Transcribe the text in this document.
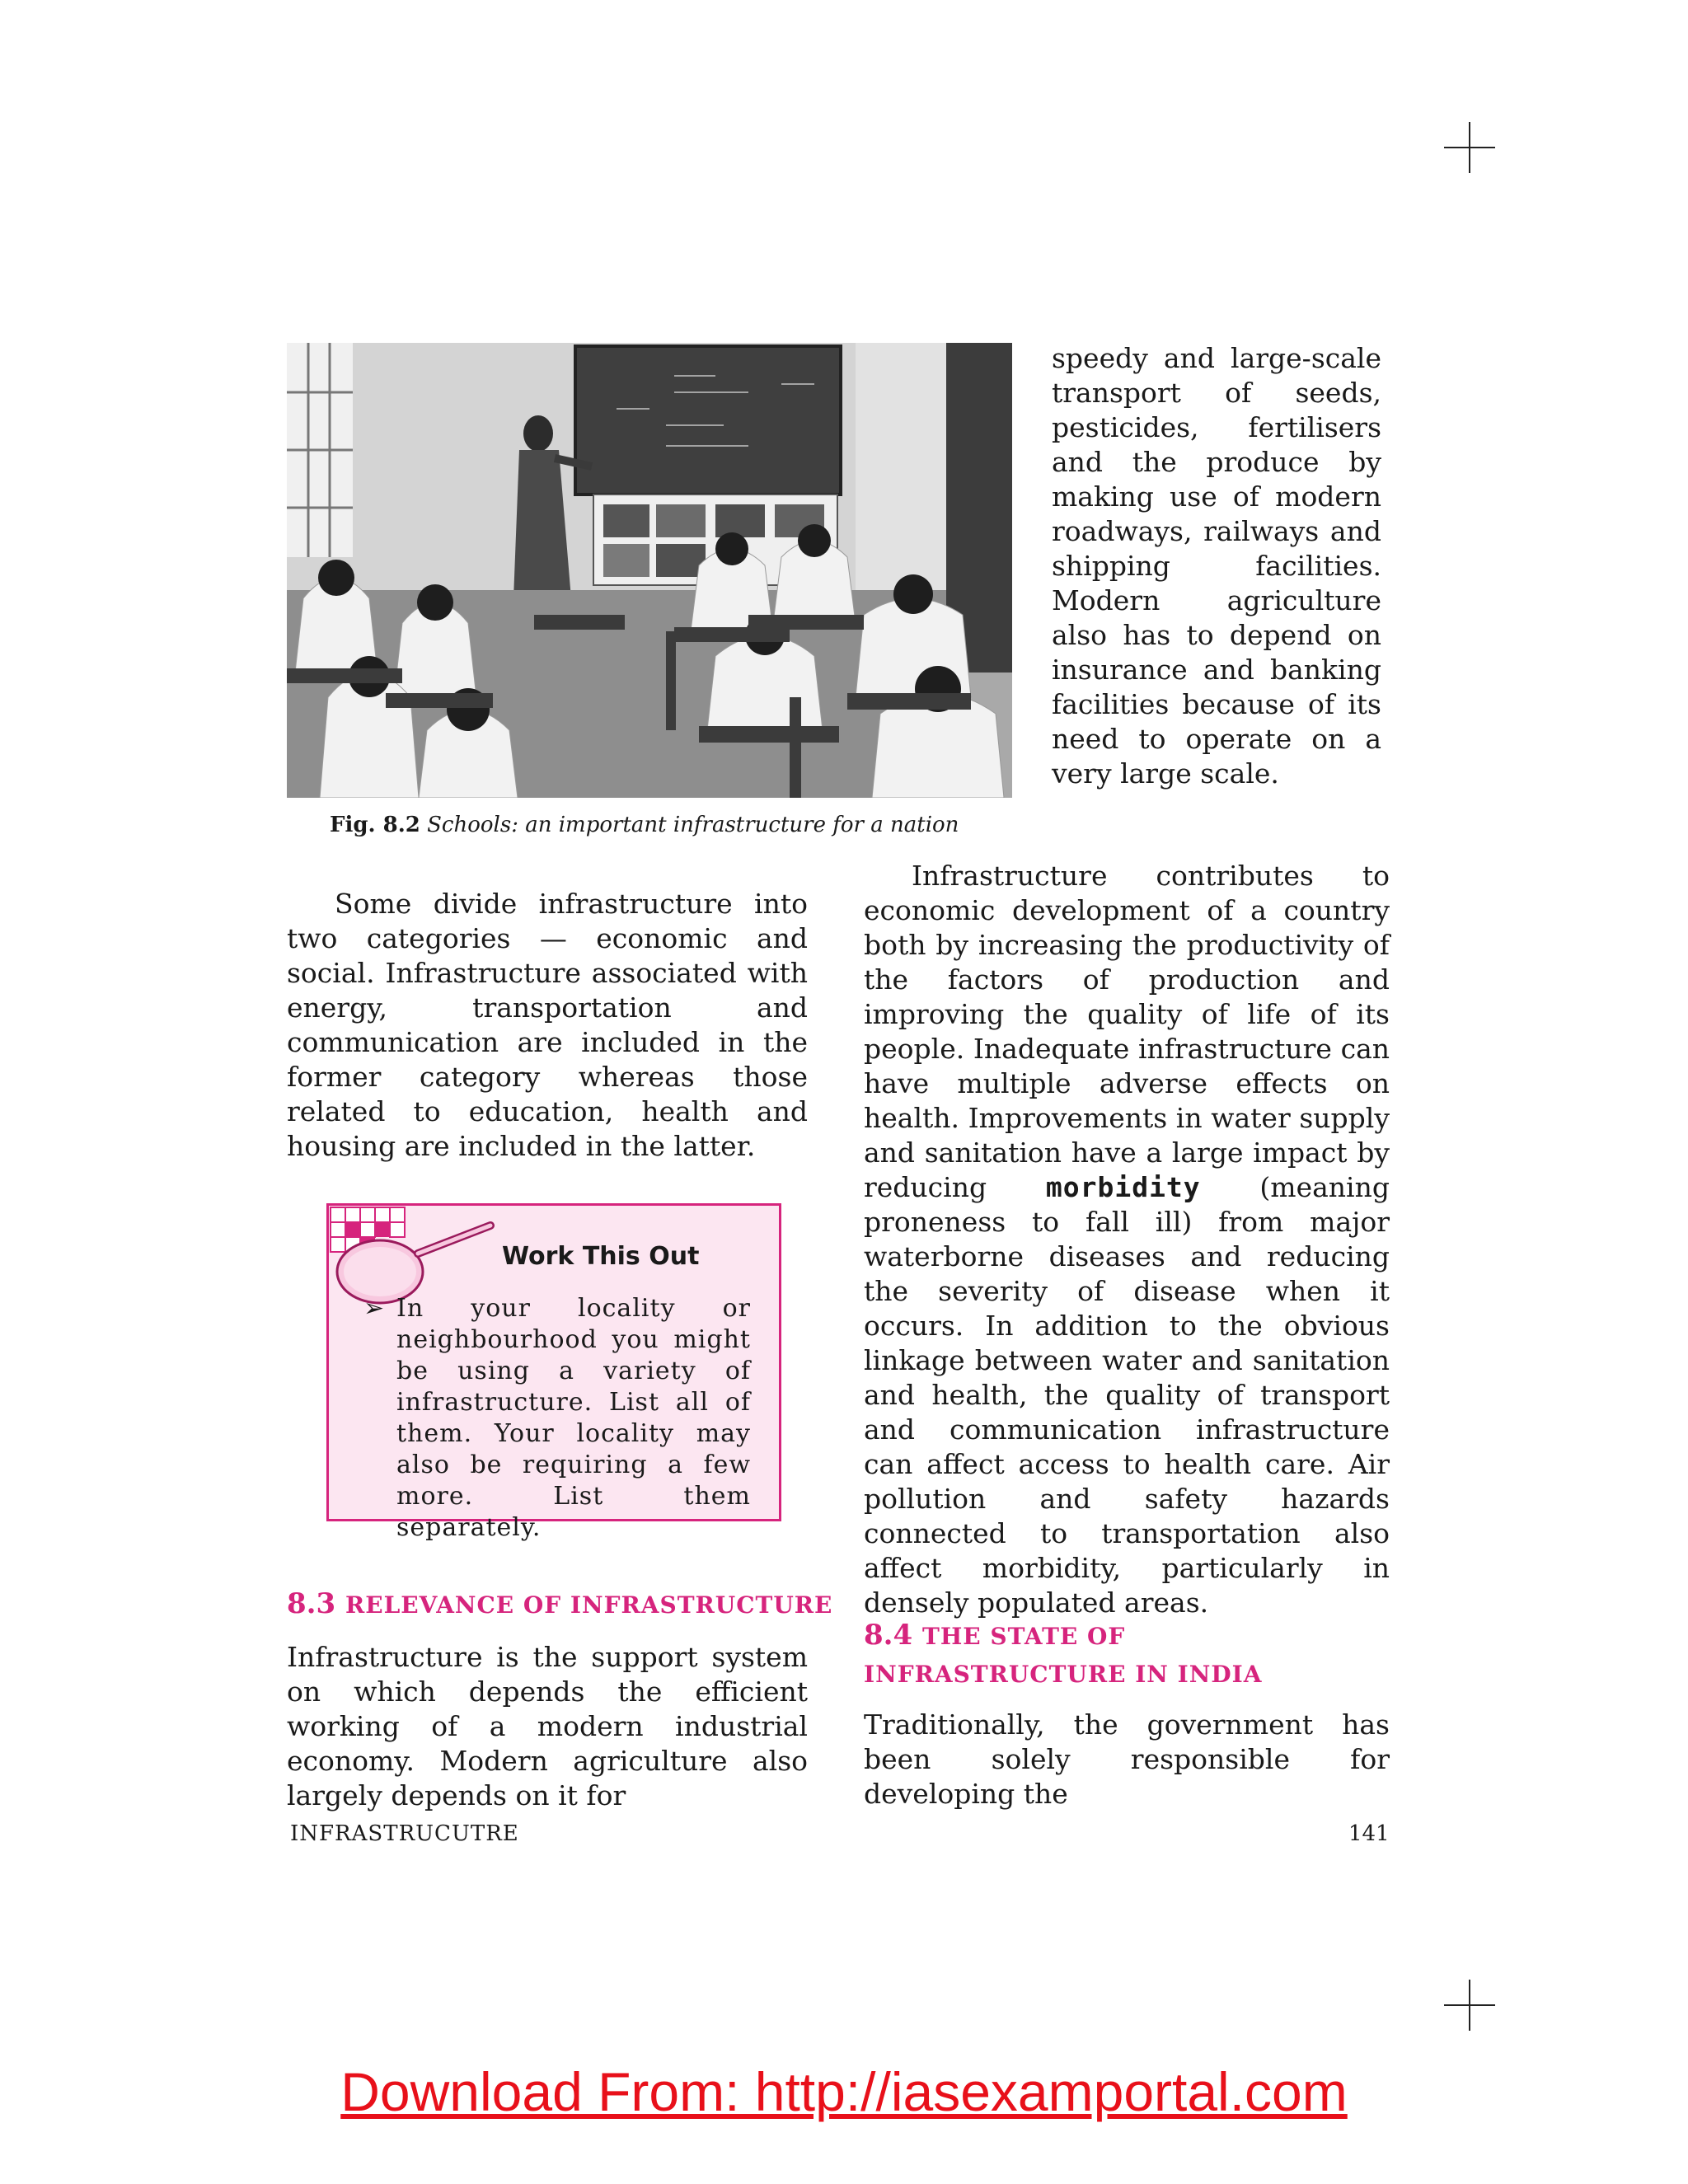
Fig. 8.2 Schools: an important infrastructure for a nation

speedy and large-scale transport of seeds, pesticides, fertilisers and the produce by making use of modern roadways, railways and shipping facilities. Modern agriculture also has to depend on insurance and banking facilities because of its need to operate on a very large scale.

Some divide infrastructure into two categories — economic and social. Infrastructure associated with energy, transportation and communication are included in the former category whereas those related to education, health and housing are included in the latter.

Work This Out
➢ In your locality or neighbourhood you might be using a variety of infrastructure. List all of them. Your locality may also be requiring a few more. List them separately.
8.3 RELEVANCE OF INFRASTRUCTURE

Infrastructure is the support system on which depends the efficient working of a modern industrial economy. Modern agriculture also largely depends on it for

Infrastructure contributes to economic development of a country both by increasing the productivity of the factors of production and improving the quality of life of its people. Inadequate infrastructure can have multiple adverse effects on health. Improvements in water supply and sanitation have a large impact by reducing morbidity (meaning proneness to fall ill) from major waterborne diseases and reducing the severity of disease when it occurs. In addition to the obvious linkage between water and sanitation and health, the quality of transport and communication infrastructure can affect access to health care. Air pollution and safety hazards connected to transportation also affect morbidity, particularly in densely populated areas.

8.4 THE STATE OF INFRASTRUCTURE IN INDIA

Traditionally, the government has been solely responsible for developing the

INFRASTRUCUTRE	141
Download From: http://iasexamportal.com
